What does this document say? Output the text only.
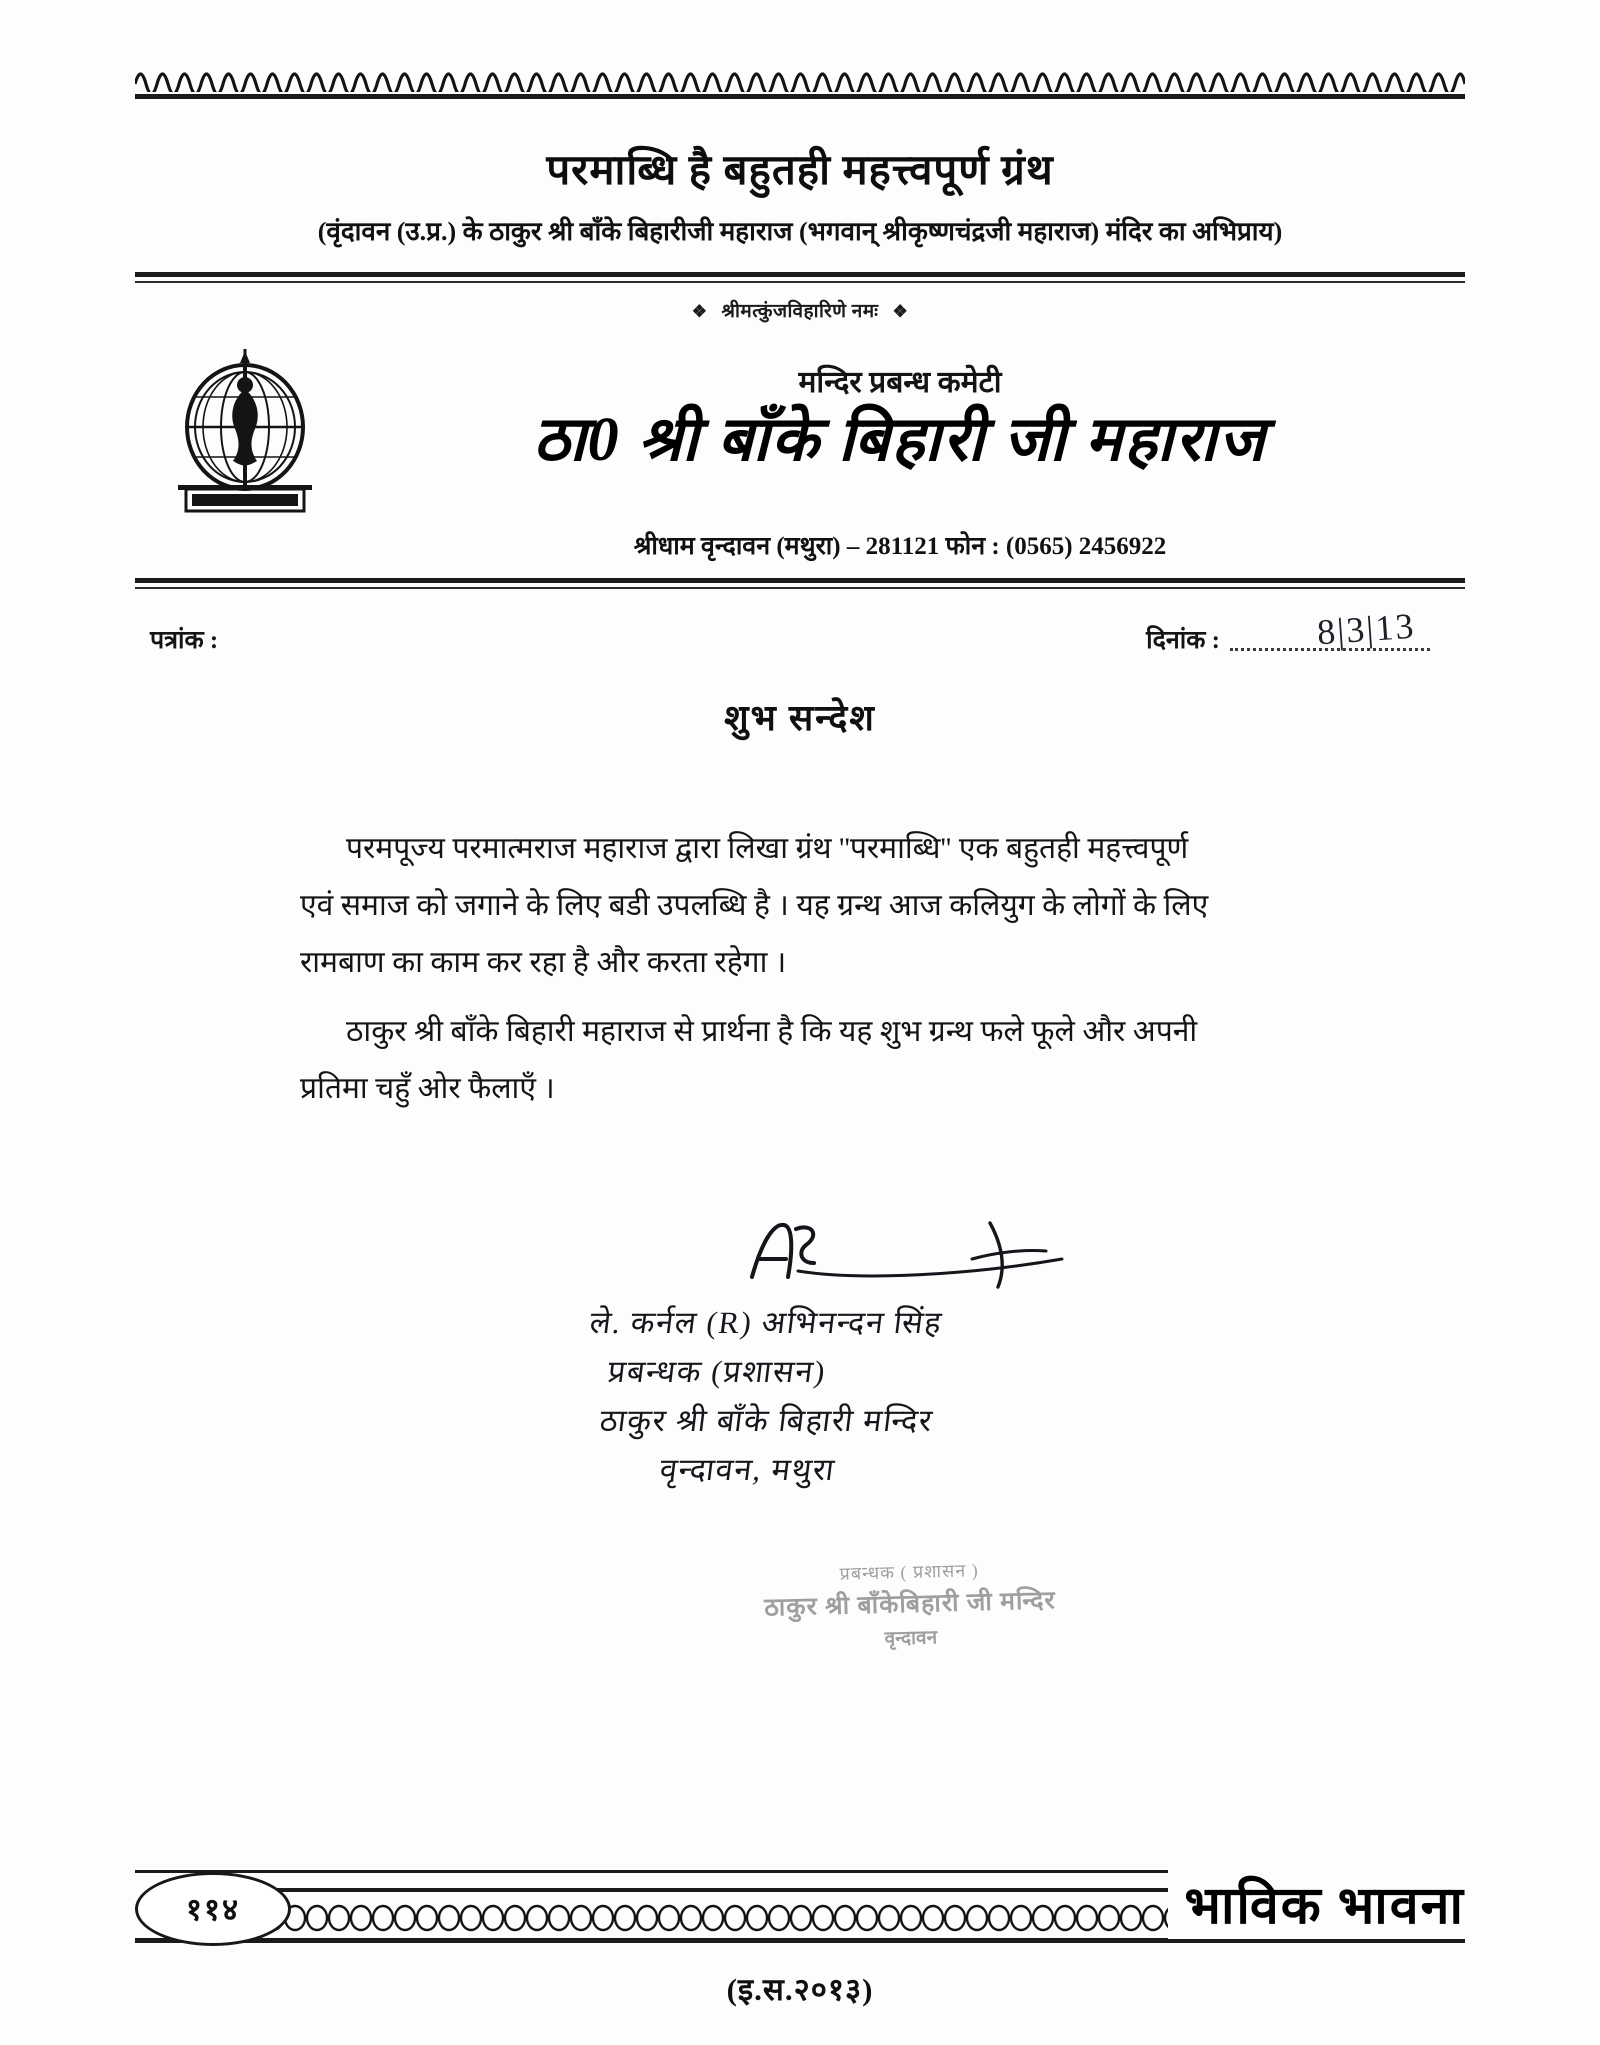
परमाब्धि है बहुतही महत्त्वपूर्ण ग्रंथ
(वृंदावन (उ.प्र.) के ठाकुर श्री बाँके बिहारीजी महाराज (भगवान् श्रीकृष्णचंद्रजी महाराज) मंदिर का अभिप्राय)
❖ श्रीमत्कुंजविहारिणे नमः ❖
मन्दिर प्रबन्ध कमेटी
ठा0 श्री बाँके बिहारी जी महाराज
श्रीधाम वृन्दावन (मथुरा) – 281121 फोन : (0565) 2456922
पत्रांक :	दिनांक :	8|3|13
शुभ सन्देश

परमपूज्य परमात्मराज महाराज द्वारा लिखा ग्रंथ ''परमाब्धि'' एक बहुतही महत्त्वपूर्ण एवं समाज को जगाने के लिए बडी उपलब्धि है । यह ग्रन्थ आज कलियुग के लोगों के लिए रामबाण का काम कर रहा है और करता रहेगा ।

ठाकुर श्री बाँके बिहारी महाराज से प्रार्थना है कि यह शुभ ग्रन्थ फले फूले और अपनी प्रतिमा चहुँ ओर फैलाएँ ।

ले. कर्नल (R) अभिनन्दन सिंह
प्रबन्धक (प्रशासन)
ठाकुर श्री बाँके बिहारी मन्दिर
वृन्दावन, मथुरा
प्रबन्धक ( प्रशासन )
ठाकुर श्री बाँकेबिहारी जी मन्दिर
वृन्दावन
११४	भाविक भावना
(इ.स.२०१३)
